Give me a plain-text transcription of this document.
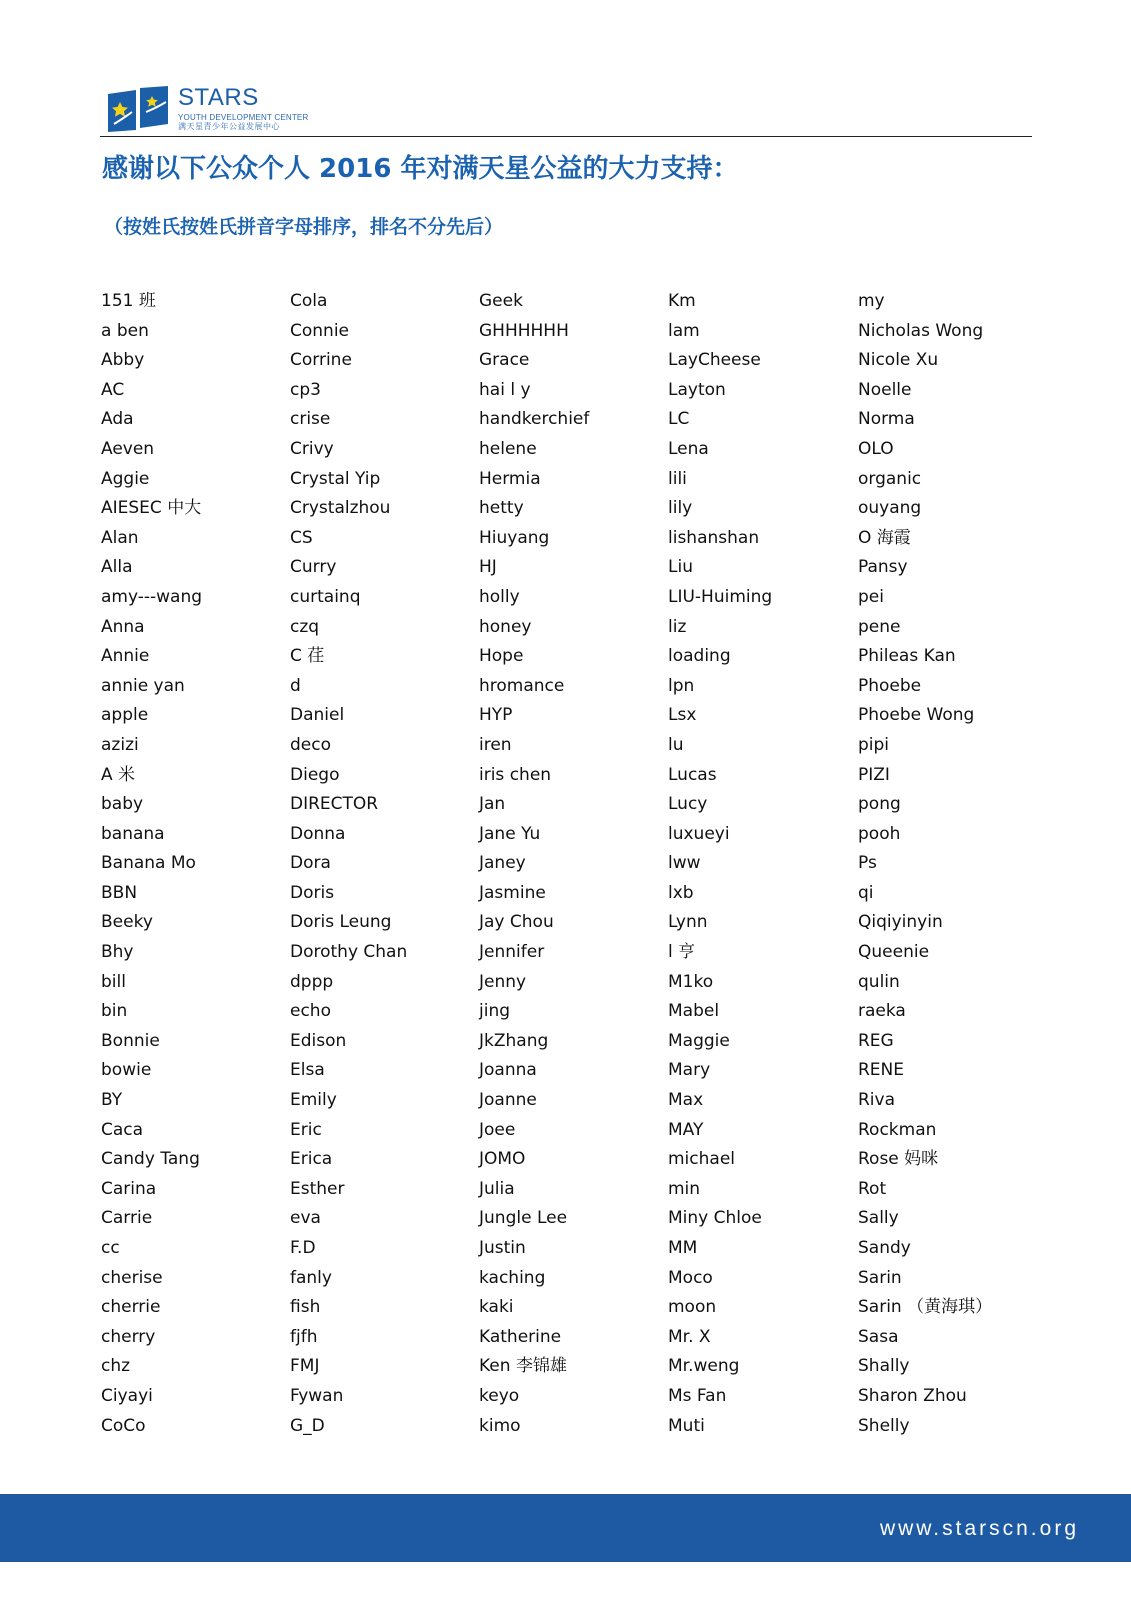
STARS
YOUTH DEVELOPMENT CENTER
满天星青少年公益发展中心
感谢以下公众个人 2016 年对满天星公益的大力支持：
（按姓氏按姓氏拼音字母排序，排名不分先后）
151 班
a ben
Abby
AC
Ada
Aeven
Aggie
AIESEC 中大
Alan
Alla
amy---wang
Anna
Annie
annie yan
apple
azizi
A 米
baby
banana
Banana Mo
BBN
Beeky
Bhy
bill
bin
Bonnie
bowie
BY
Caca
Candy Tang
Carina
Carrie
cc
cherise
cherrie
cherry
chz
Ciyayi
CoCo
Cola
Connie
Corrine
cp3
crise
Crivy
Crystal Yip
Crystalzhou
CS
Curry
curtainq
czq
C 荏
d
Daniel
deco
Diego
DIRECTOR
Donna
Dora
Doris
Doris Leung
Dorothy Chan
dppp
echo
Edison
Elsa
Emily
Eric
Erica
Esther
eva
F.D
fanly
fish
fjfh
FMJ
Fywan
G_D
Geek
GHHHHHH
Grace
hai l y
handkerchief
helene
Hermia
hetty
Hiuyang
HJ
holly
honey
Hope
hromance
HYP
iren
iris chen
Jan
Jane Yu
Janey
Jasmine
Jay Chou
Jennifer
Jenny
jing
JkZhang
Joanna
Joanne
Joee
JOMO
Julia
Jungle Lee
Justin
kaching
kaki
Katherine
Ken 李锦雄
keyo
kimo
Km
lam
LayCheese
Layton
LC
Lena
lili
lily
lishanshan
Liu
LIU-Huiming
liz
loading
lpn
Lsx
lu
Lucas
Lucy
luxueyi
lww
lxb
Lynn
l 亨
M1ko
Mabel
Maggie
Mary
Max
MAY
michael
min
Miny Chloe
MM
Moco
moon
Mr. X
Mr.weng
Ms Fan
Muti
my
Nicholas Wong
Nicole Xu
Noelle
Norma
OLO
organic
ouyang
O 海霞
Pansy
pei
pene
Phileas Kan
Phoebe
Phoebe Wong
pipi
PIZI
pong
pooh
Ps
qi
Qiqiyinyin
Queenie
qulin
raeka
REG
RENE
Riva
Rockman
Rose 妈咪
Rot
Sally
Sandy
Sarin
Sarin （黄海琪）
Sasa
Shally
Sharon Zhou
Shelly
www.starscn.org
